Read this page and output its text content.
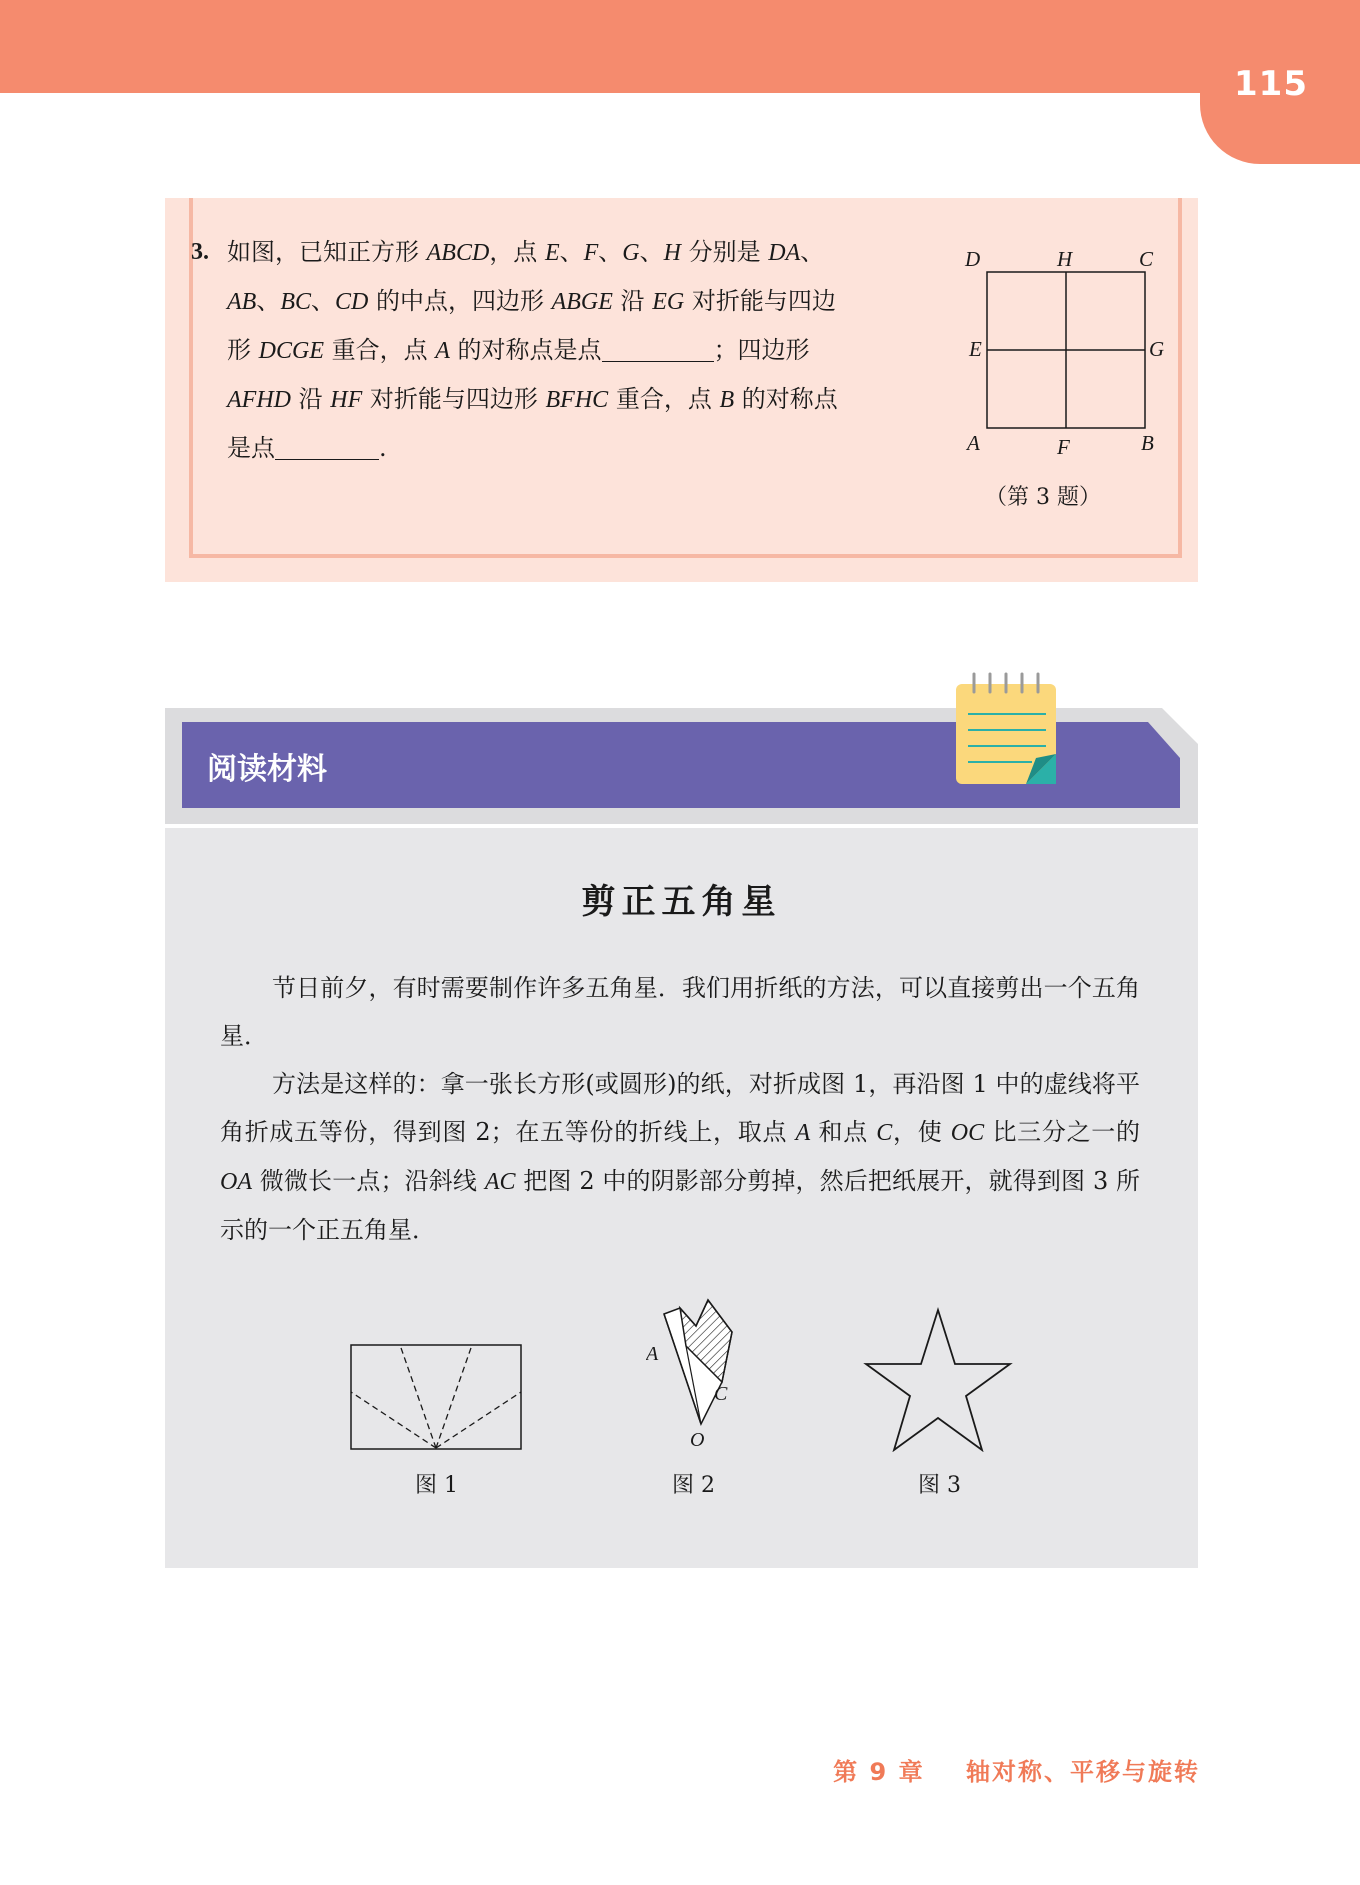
115
3. 如图，已知正方形 ABCD，点 E、F、G、H 分别是 DA、
AB、BC、CD 的中点，四边形 ABGE 沿 EG 对折能与四边
形 DCGE 重合，点 A 的对称点是点	；四边形
AFHD 沿 HF 对折能与四边形 BFHC 重合，点 B 的对称点
是点	.
D	H	C
E	G
A	F	B
（第 3 题）
阅读材料
剪正五角星

节日前夕，有时需要制作许多五角星．我们用折纸的方法，可以直接剪出一个五角星．

方法是这样的：拿一张长方形(或圆形)的纸，对折成图 1，再沿图 1 中的虚线将平角折成五等份，得到图 2；在五等份的折线上，取点 A 和点 C，使 OC 比三分之一的 OA 微微长一点；沿斜线 AC 把图 2 中的阴影部分剪掉，然后把纸展开，就得到图 3 所示的一个正五角星．

图 1
A
C
O
图 2	图 3
第 9 章 轴对称、平移与旋转
